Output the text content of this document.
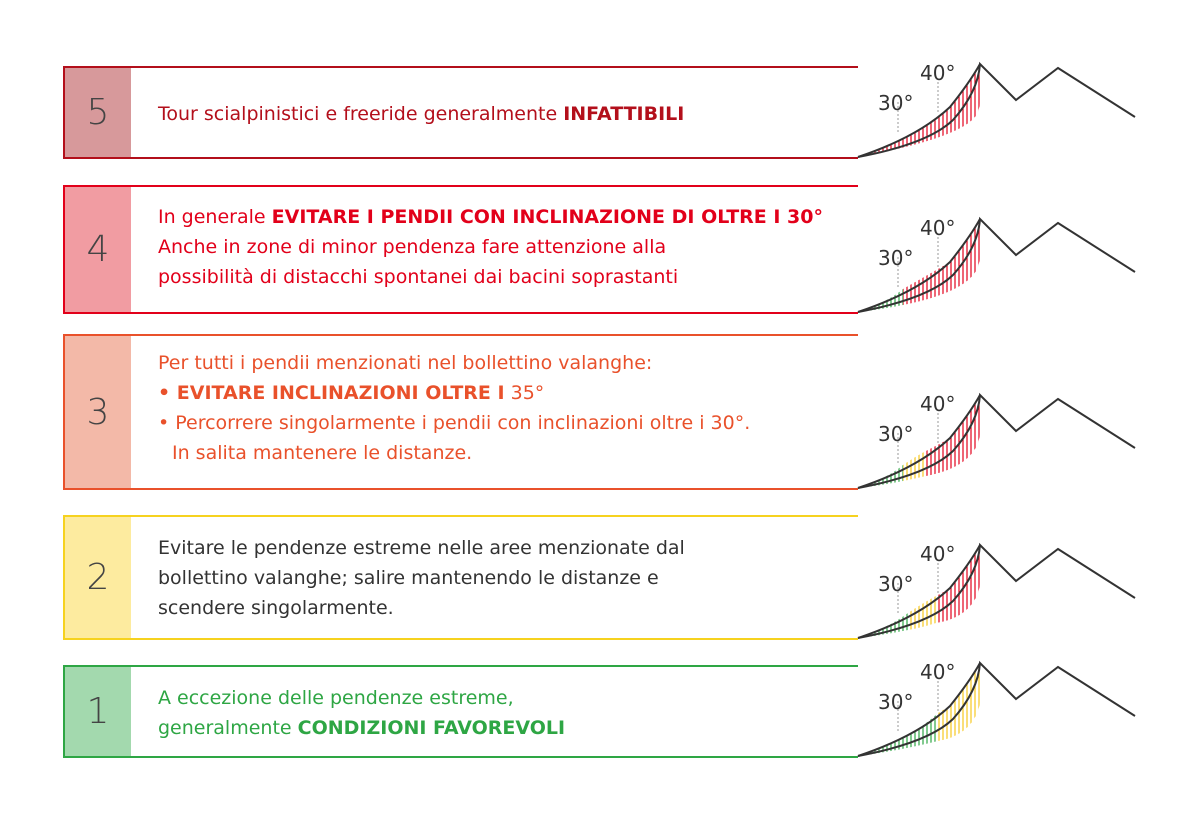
5	Tour scialpinistici e freeride generalmente INFATTIBILI	30°
40°
4

In generale EVITARE I PENDII CON INCLINAZIONE DI OLTRE I 30°

Anche in zone di minor pendenza fare attenzione alla

possibilità di distacchi spontanei dai bacini soprastanti

30°
40°
3

Per tutti i pendii menzionati nel bollettino valanghe:

• EVITARE INCLINAZIONI OLTRE I 35°

• Percorrere singolarmente i pendii con inclinazioni oltre i 30°.

In salita mantenere le distanze.

30°
40°
2

Evitare le pendenze estreme nelle aree menzionate dal

bollettino valanghe; salire mantenendo le distanze e

scendere singolarmente.

30°
40°
1	A eccezione delle pendenze estreme,

generalmente CONDIZIONI FAVOREVOLI

30°
40°
